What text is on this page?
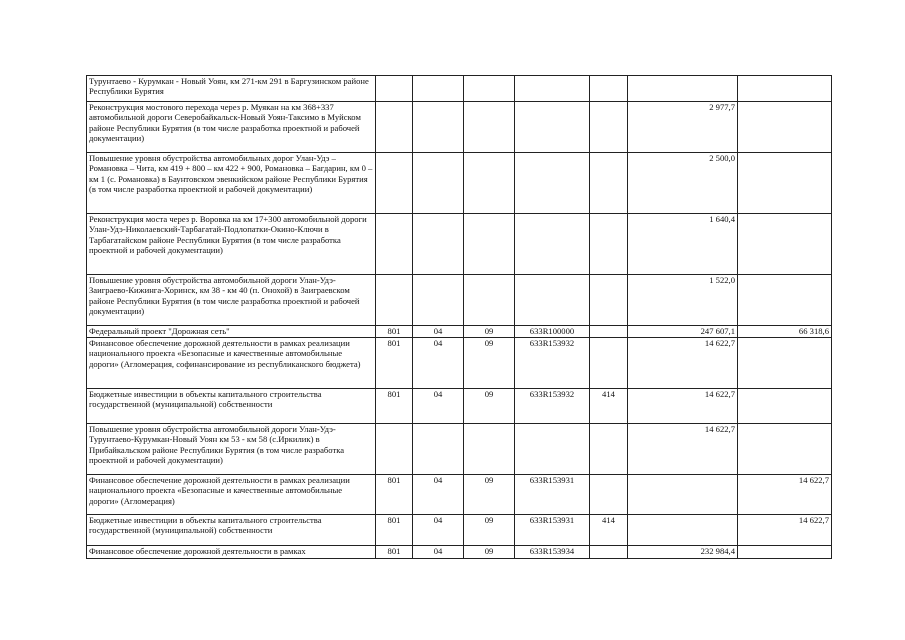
Турунтаево - Курумкан - Новый Уоян, км 271-км 291 в Баргузинском районе Республики Бурятия							
Реконструкция мостового перехода через р. Муякан на км 368+337 автомобильной дороги Северобайкальск-Новый Уоян-Таксимо в Муйском районе Республики Бурятия (в том числе разработка проектной и рабочей документации)						2 977,7	
Повышение уровня обустройства автомобильных дорог Улан-Удэ – Романовка – Чита, км 419 + 800 – км 422 + 900, Романовка – Багдарин, км 0 – км 1 (с. Романовка) в Баунтовском эвенкийском районе Республики Бурятия (в том числе разработка проектной и рабочей документации)						2 500,0	
Реконструкция моста через р. Воровка на км 17+300 автомобильной дороги Улан-Удэ-Николаевский-Тарбагатай-Подлопатки-Окино-Ключи в Тарбагатайском районе Республики Бурятия (в том числе разработка проектной и рабочей документации)						1 640,4	
Повышение уровня обустройства автомобильной дороги Улан-Удэ-Заиграево-Кижинга-Хоринск, км 38 - км 40 (п. Онохой) в Заиграевском районе Республики Бурятия (в том числе разработка проектной и рабочей документации)						1 522,0	
Федеральный проект "Дорожная сеть"	801	04	09	633R100000		247 607,1	66 318,6
Финансовое обеспечение дорожной деятельности в рамках реализации национального проекта «Безопасные и качественные автомобильные дороги» (Агломерация, софинансирование из республиканского бюджета)	801	04	09	633R153932		14 622,7	
Бюджетные инвестиции в объекты капитального строительства государственной (муниципальной) собственности	801	04	09	633R153932	414	14 622,7	
Повышение уровня обустройства автомобильной дороги Улан-Удэ-Турунтаево-Курумкан-Новый Уоян км 53 - км 58 (с.Иркилик) в Прибайкальском районе Республики Бурятия (в том числе разработка проектной и рабочей документации)						14 622,7	
Финансовое обеспечение дорожной деятельности в рамках реализации национального проекта «Безопасные и качественные автомобильные дороги» (Агломерация)	801	04	09	633R153931			14 622,7
Бюджетные инвестиции в объекты капитального строительства государственной (муниципальной) собственности	801	04	09	633R153931	414		14 622,7
Финансовое обеспечение дорожной деятельности в рамках	801	04	09	633R153934		232 984,4	
